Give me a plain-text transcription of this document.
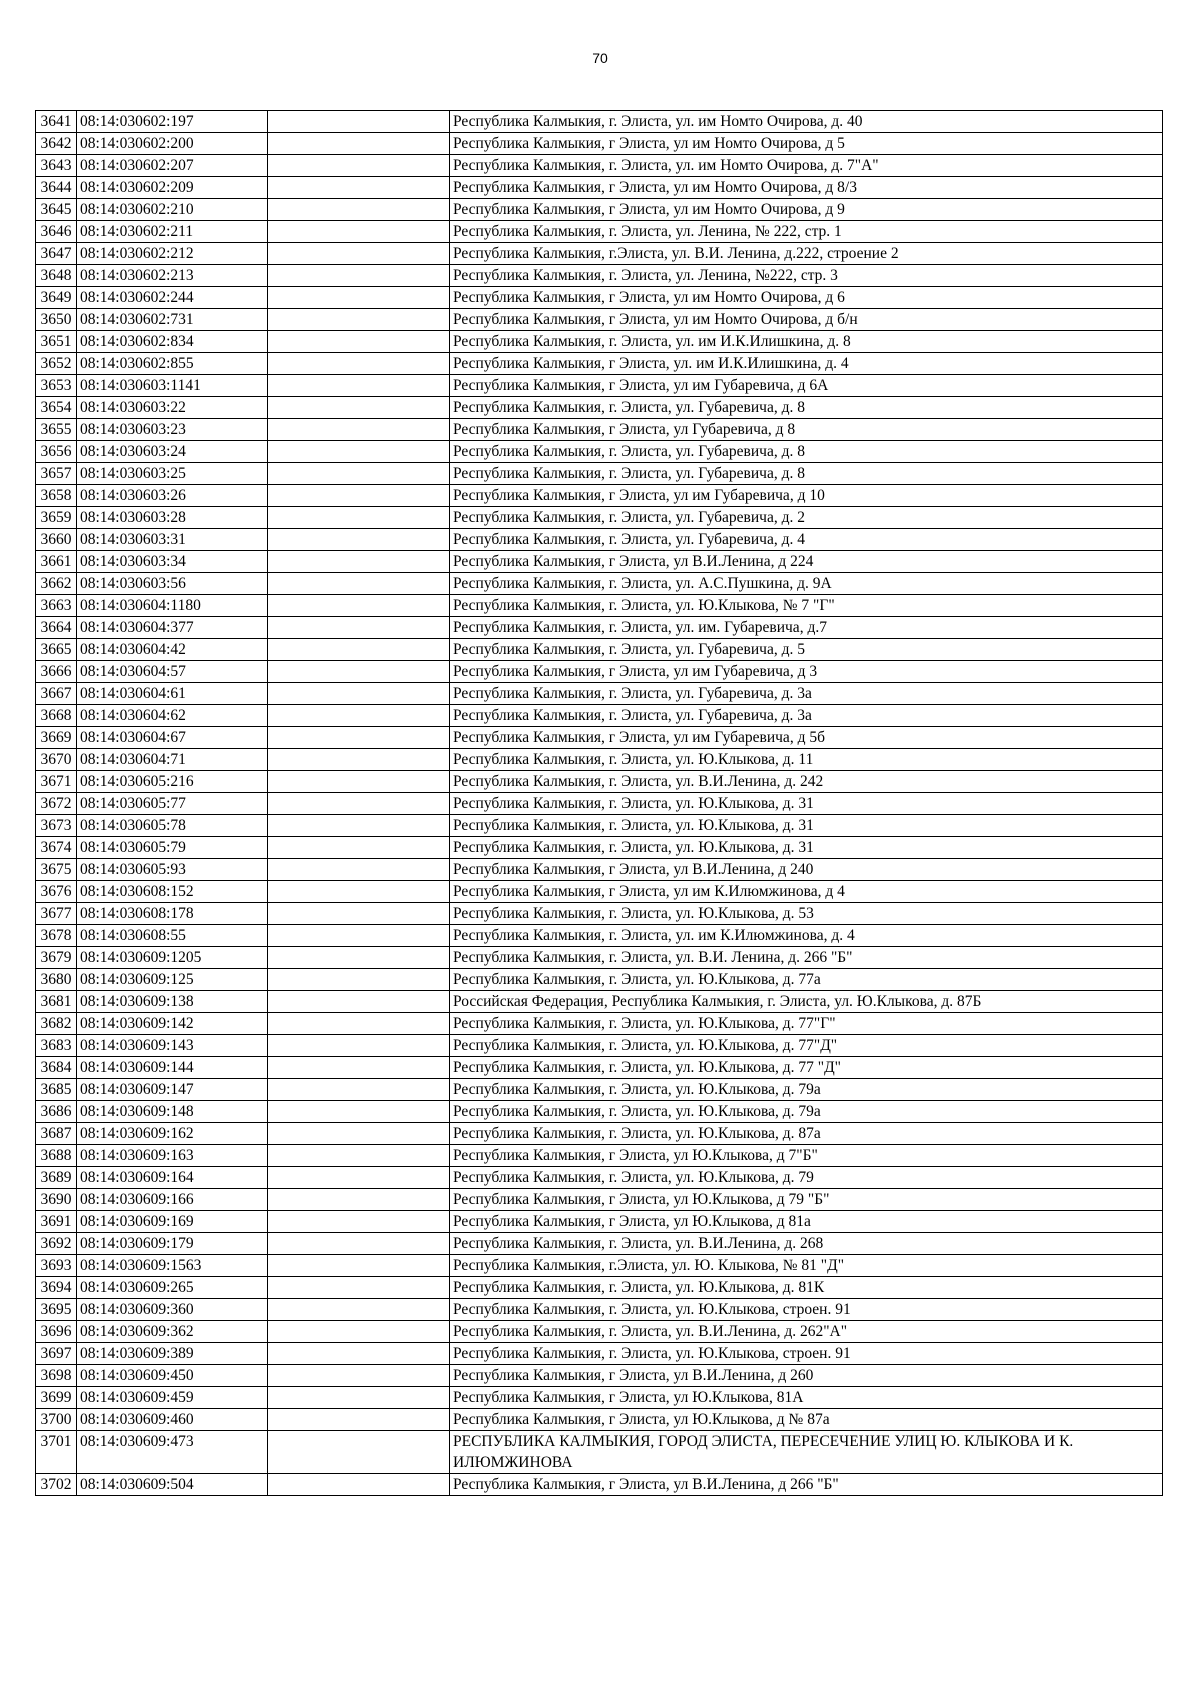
70
3641	08:14:030602:197		Республика Калмыкия, г. Элиста, ул. им Номто Очирова, д. 40
3642	08:14:030602:200		Республика Калмыкия, г Элиста, ул им Номто Очирова, д 5
3643	08:14:030602:207		Республика Калмыкия, г. Элиста, ул. им Номто Очирова, д. 7"А"
3644	08:14:030602:209		Республика Калмыкия, г Элиста, ул им Номто Очирова, д 8/3
3645	08:14:030602:210		Республика Калмыкия, г Элиста, ул им Номто Очирова, д 9
3646	08:14:030602:211		Республика Калмыкия, г. Элиста, ул. Ленина, № 222, стр. 1
3647	08:14:030602:212		Республика Калмыкия, г.Элиста, ул. В.И. Ленина, д.222, строение 2
3648	08:14:030602:213		Республика Калмыкия, г. Элиста, ул. Ленина, №222, стр. 3
3649	08:14:030602:244		Республика Калмыкия, г Элиста, ул им Номто Очирова, д 6
3650	08:14:030602:731		Республика Калмыкия, г Элиста, ул им Номто Очирова, д б/н
3651	08:14:030602:834		Республика Калмыкия, г. Элиста, ул. им И.К.Илишкина, д. 8
3652	08:14:030602:855		Республика Калмыкия, г Элиста, ул. им И.К.Илишкина, д. 4
3653	08:14:030603:1141		Республика Калмыкия, г Элиста, ул им Губаревича, д 6А
3654	08:14:030603:22		Республика Калмыкия, г. Элиста, ул. Губаревича, д. 8
3655	08:14:030603:23		Республика Калмыкия, г Элиста, ул Губаревича, д 8
3656	08:14:030603:24		Республика Калмыкия, г. Элиста, ул. Губаревича, д. 8
3657	08:14:030603:25		Республика Калмыкия, г. Элиста, ул. Губаревича, д. 8
3658	08:14:030603:26		Республика Калмыкия, г Элиста, ул им Губаревича, д 10
3659	08:14:030603:28		Республика Калмыкия, г. Элиста, ул. Губаревича, д. 2
3660	08:14:030603:31		Республика Калмыкия, г. Элиста, ул. Губаревича, д. 4
3661	08:14:030603:34		Республика Калмыкия, г Элиста, ул В.И.Ленина, д 224
3662	08:14:030603:56		Республика Калмыкия, г. Элиста, ул. А.С.Пушкина, д. 9А
3663	08:14:030604:1180		Республика Калмыкия, г. Элиста, ул. Ю.Клыкова, № 7 "Г"
3664	08:14:030604:377		Республика Калмыкия, г. Элиста, ул. им. Губаревича, д.7
3665	08:14:030604:42		Республика Калмыкия, г. Элиста, ул. Губаревича, д. 5
3666	08:14:030604:57		Республика Калмыкия, г Элиста, ул им Губаревича, д 3
3667	08:14:030604:61		Республика Калмыкия, г. Элиста, ул. Губаревича, д. 3а
3668	08:14:030604:62		Республика Калмыкия, г. Элиста, ул. Губаревича, д. 3а
3669	08:14:030604:67		Республика Калмыкия, г Элиста, ул им Губаревича, д 5б
3670	08:14:030604:71		Республика Калмыкия, г. Элиста, ул. Ю.Клыкова, д. 11
3671	08:14:030605:216		Республика Калмыкия, г. Элиста, ул. В.И.Ленина, д. 242
3672	08:14:030605:77		Республика Калмыкия, г. Элиста, ул. Ю.Клыкова, д. 31
3673	08:14:030605:78		Республика Калмыкия, г. Элиста, ул. Ю.Клыкова, д. 31
3674	08:14:030605:79		Республика Калмыкия, г. Элиста, ул. Ю.Клыкова, д. 31
3675	08:14:030605:93		Республика Калмыкия, г Элиста, ул В.И.Ленина, д 240
3676	08:14:030608:152		Республика Калмыкия, г Элиста, ул им К.Илюмжинова, д 4
3677	08:14:030608:178		Республика Калмыкия, г. Элиста, ул. Ю.Клыкова, д. 53
3678	08:14:030608:55		Республика Калмыкия, г. Элиста, ул. им К.Илюмжинова, д. 4
3679	08:14:030609:1205		Республика Калмыкия, г. Элиста, ул. В.И. Ленина, д. 266 "Б"
3680	08:14:030609:125		Республика Калмыкия, г. Элиста, ул. Ю.Клыкова, д. 77а
3681	08:14:030609:138		Российская Федерация, Республика Калмыкия, г. Элиста, ул. Ю.Клыкова, д. 87Б
3682	08:14:030609:142		Республика Калмыкия, г. Элиста, ул. Ю.Клыкова, д. 77"Г"
3683	08:14:030609:143		Республика Калмыкия, г. Элиста, ул. Ю.Клыкова, д. 77"Д"
3684	08:14:030609:144		Республика Калмыкия, г. Элиста, ул. Ю.Клыкова, д. 77 "Д"
3685	08:14:030609:147		Республика Калмыкия, г. Элиста, ул. Ю.Клыкова, д. 79а
3686	08:14:030609:148		Республика Калмыкия, г. Элиста, ул. Ю.Клыкова, д. 79а
3687	08:14:030609:162		Республика Калмыкия, г. Элиста, ул. Ю.Клыкова, д. 87а
3688	08:14:030609:163		Республика Калмыкия, г Элиста, ул Ю.Клыкова, д 7"Б"
3689	08:14:030609:164		Республика Калмыкия, г. Элиста, ул. Ю.Клыкова, д. 79
3690	08:14:030609:166		Республика Калмыкия, г Элиста, ул Ю.Клыкова, д 79 "Б"
3691	08:14:030609:169		Республика Калмыкия, г Элиста, ул Ю.Клыкова, д 81а
3692	08:14:030609:179		Республика Калмыкия, г. Элиста, ул. В.И.Ленина, д. 268
3693	08:14:030609:1563		Республика Калмыкия, г.Элиста, ул. Ю. Клыкова, № 81 "Д"
3694	08:14:030609:265		Республика Калмыкия, г. Элиста, ул. Ю.Клыкова, д. 81К
3695	08:14:030609:360		Республика Калмыкия, г. Элиста, ул. Ю.Клыкова, строен. 91
3696	08:14:030609:362		Республика Калмыкия, г. Элиста, ул. В.И.Ленина, д. 262"А"
3697	08:14:030609:389		Республика Калмыкия, г. Элиста, ул. Ю.Клыкова, строен. 91
3698	08:14:030609:450		Республика Калмыкия, г Элиста, ул В.И.Ленина, д 260
3699	08:14:030609:459		Республика Калмыкия, г Элиста, ул Ю.Клыкова, 81А
3700	08:14:030609:460		Республика Калмыкия, г Элиста, ул Ю.Клыкова, д № 87а
3701	08:14:030609:473		РЕСПУБЛИКА КАЛМЫКИЯ, ГОРОД ЭЛИСТА, ПЕРЕСЕЧЕНИЕ УЛИЦ Ю. КЛЫКОВА И К. ИЛЮМЖИНОВА
3702	08:14:030609:504		Республика Калмыкия, г Элиста, ул В.И.Ленина, д 266 "Б"
